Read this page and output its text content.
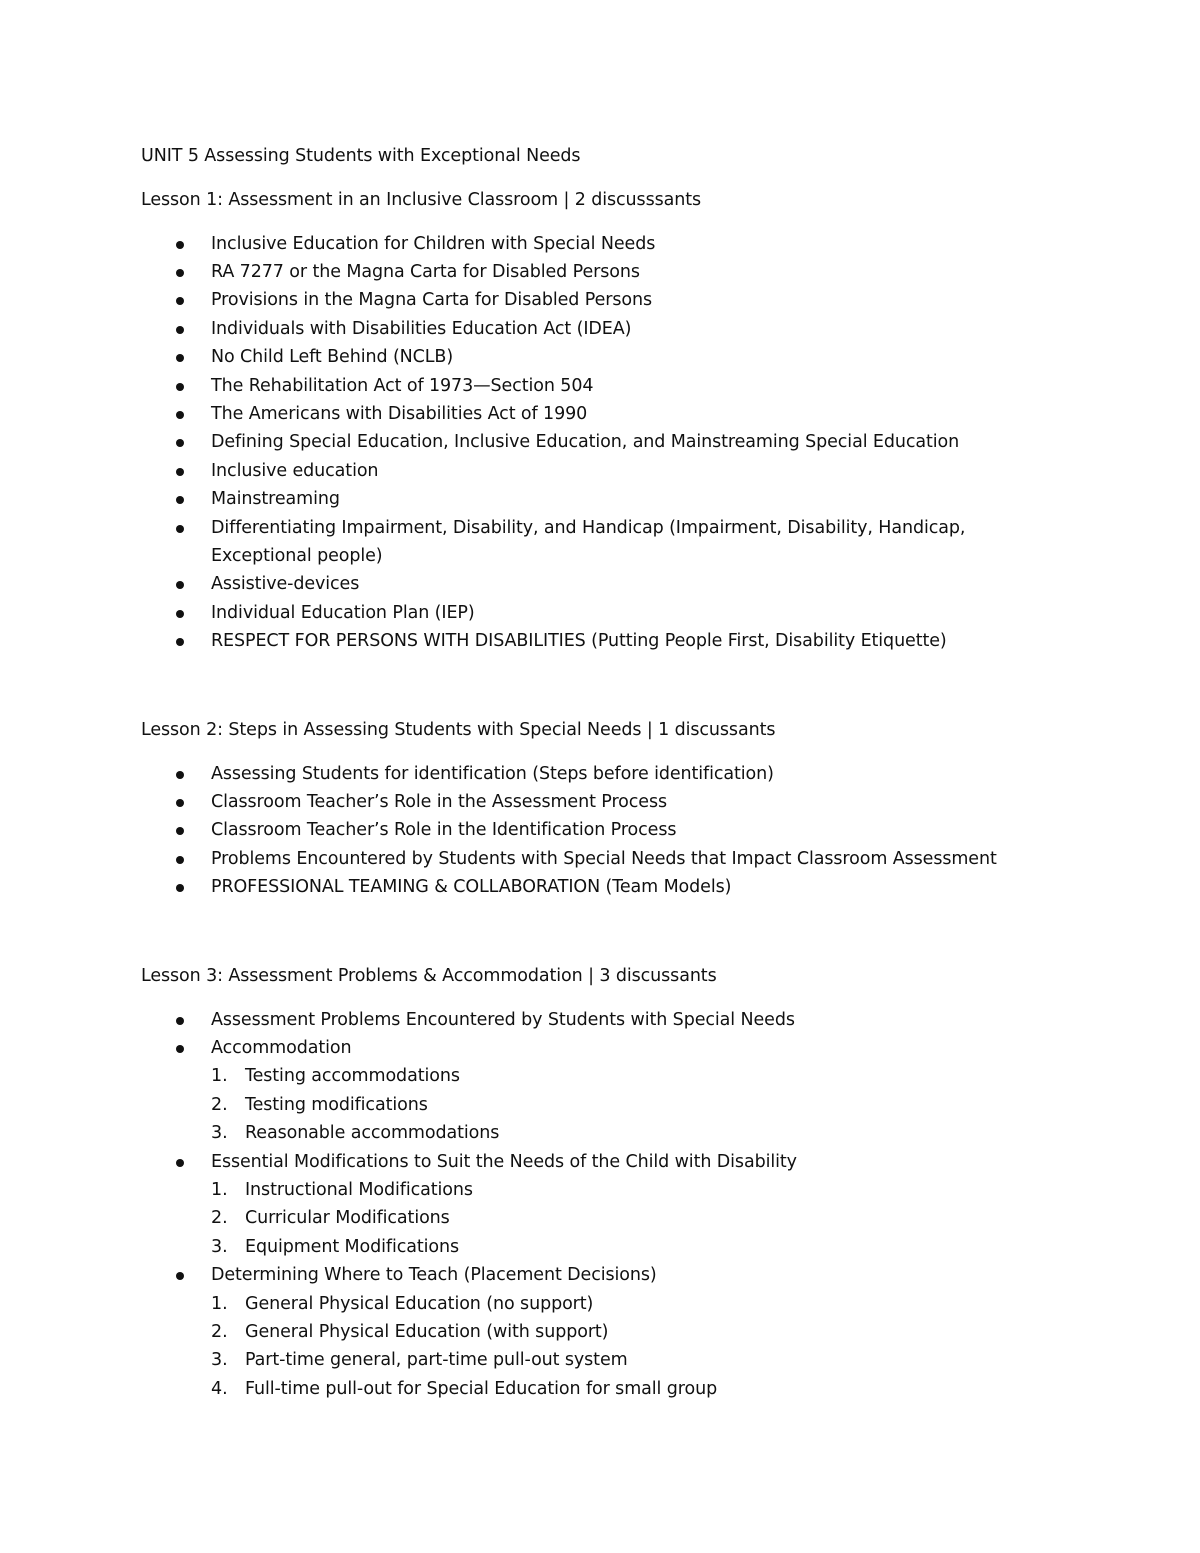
UNIT 5 Assessing Students with Exceptional Needs
Lesson 1: Assessment in an Inclusive Classroom | 2 discusssants
Inclusive Education for Children with Special Needs
RA 7277 or the Magna Carta for Disabled Persons
Provisions in the Magna Carta for Disabled Persons
Individuals with Disabilities Education Act (IDEA)
No Child Left Behind (NCLB)
The Rehabilitation Act of 1973—Section 504
The Americans with Disabilities Act of 1990
Defining Special Education, Inclusive Education, and Mainstreaming Special Education
Inclusive education
Mainstreaming
Differentiating Impairment, Disability, and Handicap (Impairment, Disability, Handicap,
Exceptional people)
Assistive-devices
Individual Education Plan (IEP)
RESPECT FOR PERSONS WITH DISABILITIES (Putting People First, Disability Etiquette)
Lesson 2: Steps in Assessing Students with Special Needs | 1 discussants
Assessing Students for identification (Steps before identification)
Classroom Teacher’s Role in the Assessment Process
Classroom Teacher’s Role in the Identification Process
Problems Encountered by Students with Special Needs that Impact Classroom Assessment
PROFESSIONAL TEAMING & COLLABORATION (Team Models)
Lesson 3: Assessment Problems & Accommodation | 3 discussants
Assessment Problems Encountered by Students with Special Needs
Accommodation
1. Testing accommodations
2. Testing modifications
3. Reasonable accommodations
Essential Modifications to Suit the Needs of the Child with Disability
1. Instructional Modifications
2. Curricular Modifications
3. Equipment Modifications
Determining Where to Teach (Placement Decisions)
1. General Physical Education (no support)
2. General Physical Education (with support)
3. Part-time general, part-time pull-out system
4. Full-time pull-out for Special Education for small group
